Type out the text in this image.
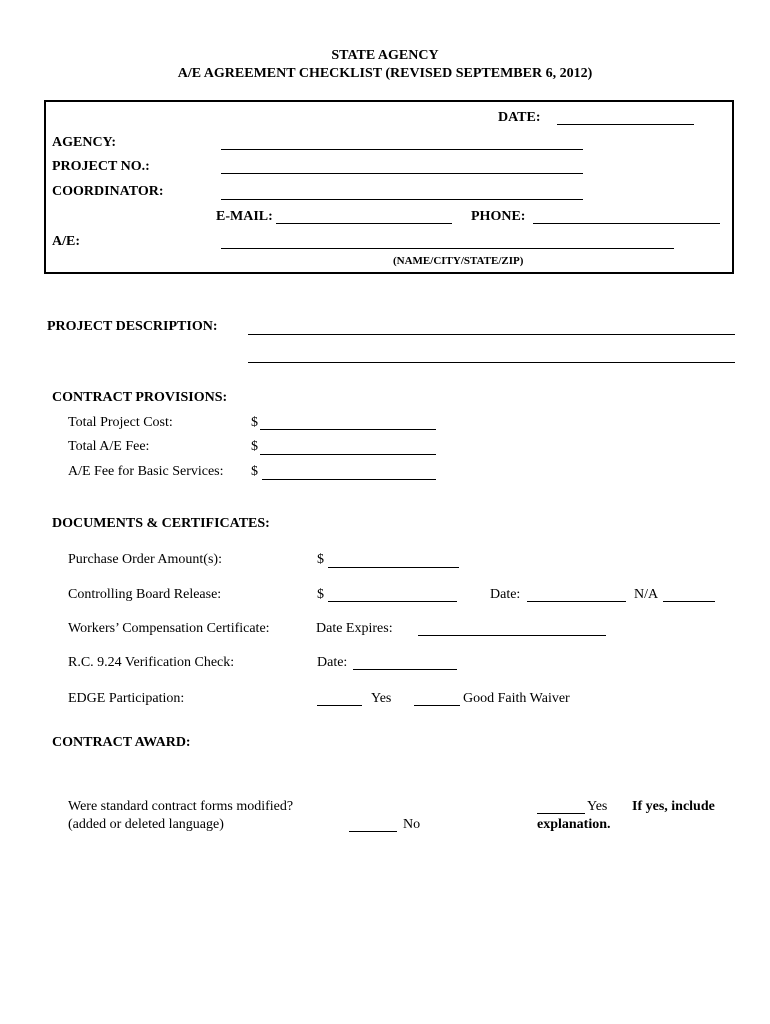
STATE AGENCY
A/E AGREEMENT CHECKLIST (REVISED SEPTEMBER 6, 2012)
DATE:
AGENCY:
PROJECT NO.:
COORDINATOR:
E-MAIL:	PHONE:
A/E:
(NAME/CITY/STATE/ZIP)
PROJECT DESCRIPTION:
CONTRACT PROVISIONS:
Total Project Cost:	$
Total A/E Fee:	$
A/E Fee for Basic Services: $
DOCUMENTS & CERTIFICATES:
Purchase Order Amount(s):	$
Controlling Board Release:	$	Date:	N/A
Workers’ Compensation Certificate:	Date Expires:
R.C. 9.24 Verification Check:	Date:
EDGE Participation:	Yes	Good Faith Waiver
CONTRACT AWARD:
Were standard contract forms modified?
(added or deleted language)	No
Yes If yes, include
explanation.
